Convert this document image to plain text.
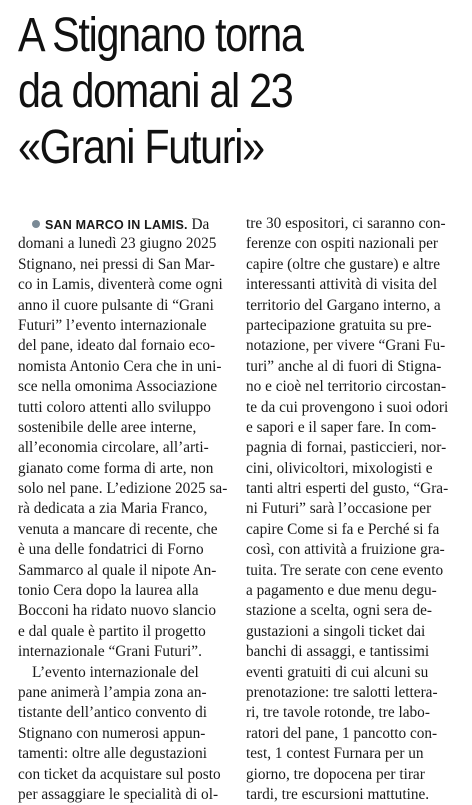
A Stignano torna
da domani al 23
«Grani Futuri»
SAN MARCO IN LAMIS. Da
domani a lunedì 23 giugno 2025
Stignano, nei pressi di San Mar-
co in Lamis, diventerà come ogni
anno il cuore pulsante di “Grani
Futuri” l’evento internazionale
del pane, ideato dal fornaio eco-
nomista Antonio Cera che in uni-
sce nella omonima Associazione
tutti coloro attenti allo sviluppo
sostenibile delle aree interne,
all’economia circolare, all’arti-
gianato come forma di arte, non
solo nel pane. L’edizione 2025 sa-
rà dedicata a zia Maria Franco,
venuta a mancare di recente, che
è una delle fondatrici di Forno
Sammarco al quale il nipote An-
tonio Cera dopo la laurea alla
Bocconi ha ridato nuovo slancio
e dal quale è partito il progetto
internazionale “Grani Futuri”.
L’evento internazionale del
pane animerà l’ampia zona an-
tistante dell’antico convento di
Stignano con numerosi appun-
tamenti: oltre alle degustazioni
con ticket da acquistare sul posto
per assaggiare le specialità di ol-
tre 30 espositori, ci saranno con-
ferenze con ospiti nazionali per
capire (oltre che gustare) e altre
interessanti attività di visita del
territorio del Gargano interno, a
partecipazione gratuita su pre-
notazione, per vivere “Grani Fu-
turi” anche al di fuori di Stigna-
no e cioè nel territorio circostan-
te da cui provengono i suoi odori
e sapori e il saper fare. In com-
pagnia di fornai, pasticcieri, nor-
cini, olivicoltori, mixologisti e
tanti altri esperti del gusto, “Gra-
ni Futuri” sarà l’occasione per
capire Come si fa e Perché si fa
così, con attività a fruizione gra-
tuita. Tre serate con cene evento
a pagamento e due menu degu-
stazione a scelta, ogni sera de-
gustazioni a singoli ticket dai
banchi di assaggi, e tantissimi
eventi gratuiti di cui alcuni su
prenotazione: tre salotti lettera-
ri, tre tavole rotonde, tre labo-
ratori del pane, 1 pancotto con-
test, 1 contest Furnara per un
giorno, tre dopocena per tirar
tardi, tre escursioni mattutine.
